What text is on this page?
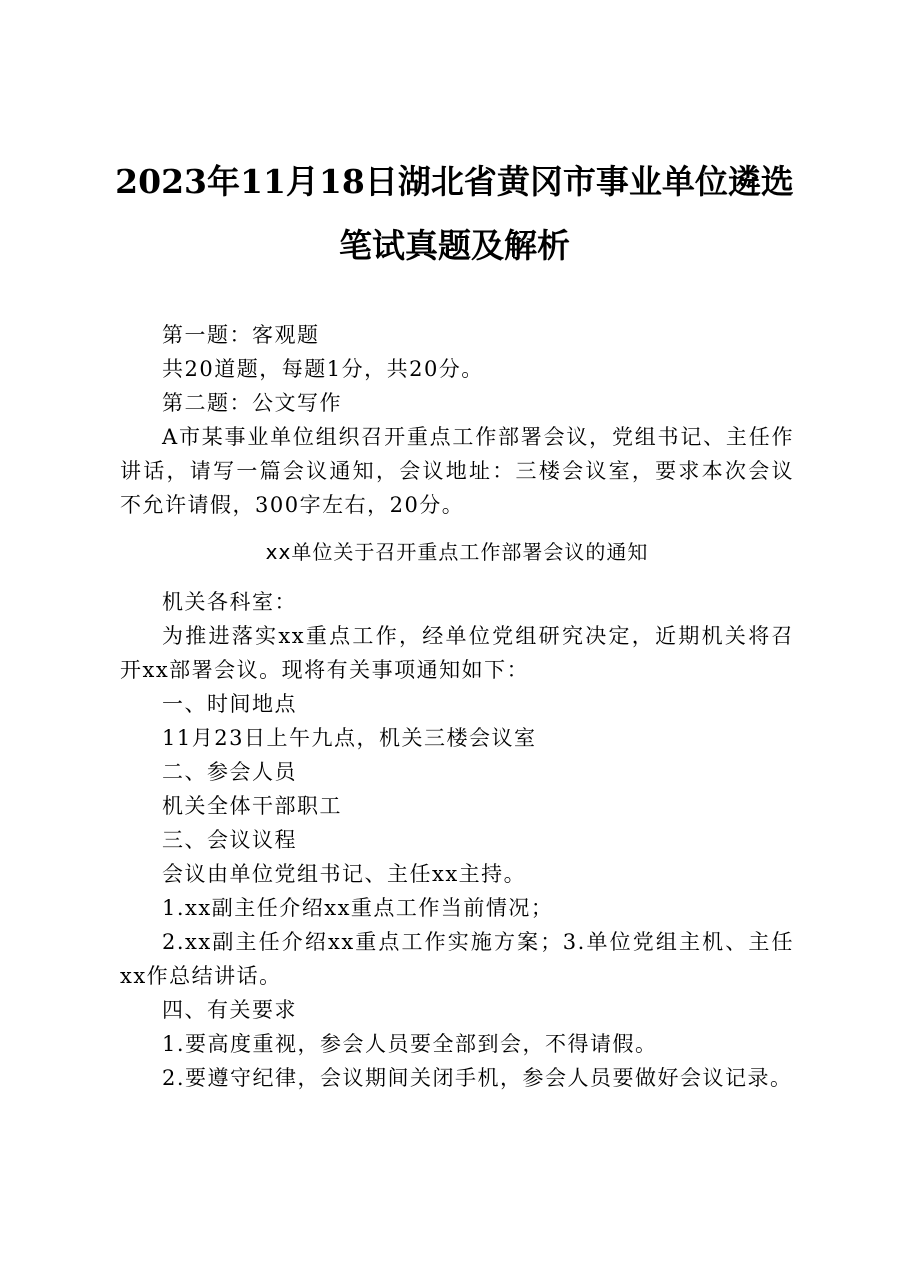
2023年11月18日湖北省黄冈市事业单位遴选
笔试真题及解析

第一题：客观题

共20道题，每题1分，共20分。

第二题：公文写作

A市某事业单位组织召开重点工作部署会议，党组书记、主任作讲话，请写一篇会议通知，会议地址：三楼会议室，要求本次会议不允许请假，300字左右，20分。

xx单位关于召开重点工作部署会议的通知

机关各科室：

为推进落实xx重点工作，经单位党组研究决定，近期机关将召开xx部署会议。现将有关事项通知如下：

一、时间地点

11月23日上午九点，机关三楼会议室

二、参会人员

机关全体干部职工

三、会议议程

会议由单位党组书记、主任xx主持。

1.xx副主任介绍xx重点工作当前情况；

2.xx副主任介绍xx重点工作实施方案；3.单位党组主机、主任xx作总结讲话。

四、有关要求

1.要高度重视，参会人员要全部到会，不得请假。

2.要遵守纪律，会议期间关闭手机，参会人员要做好会议记录。
